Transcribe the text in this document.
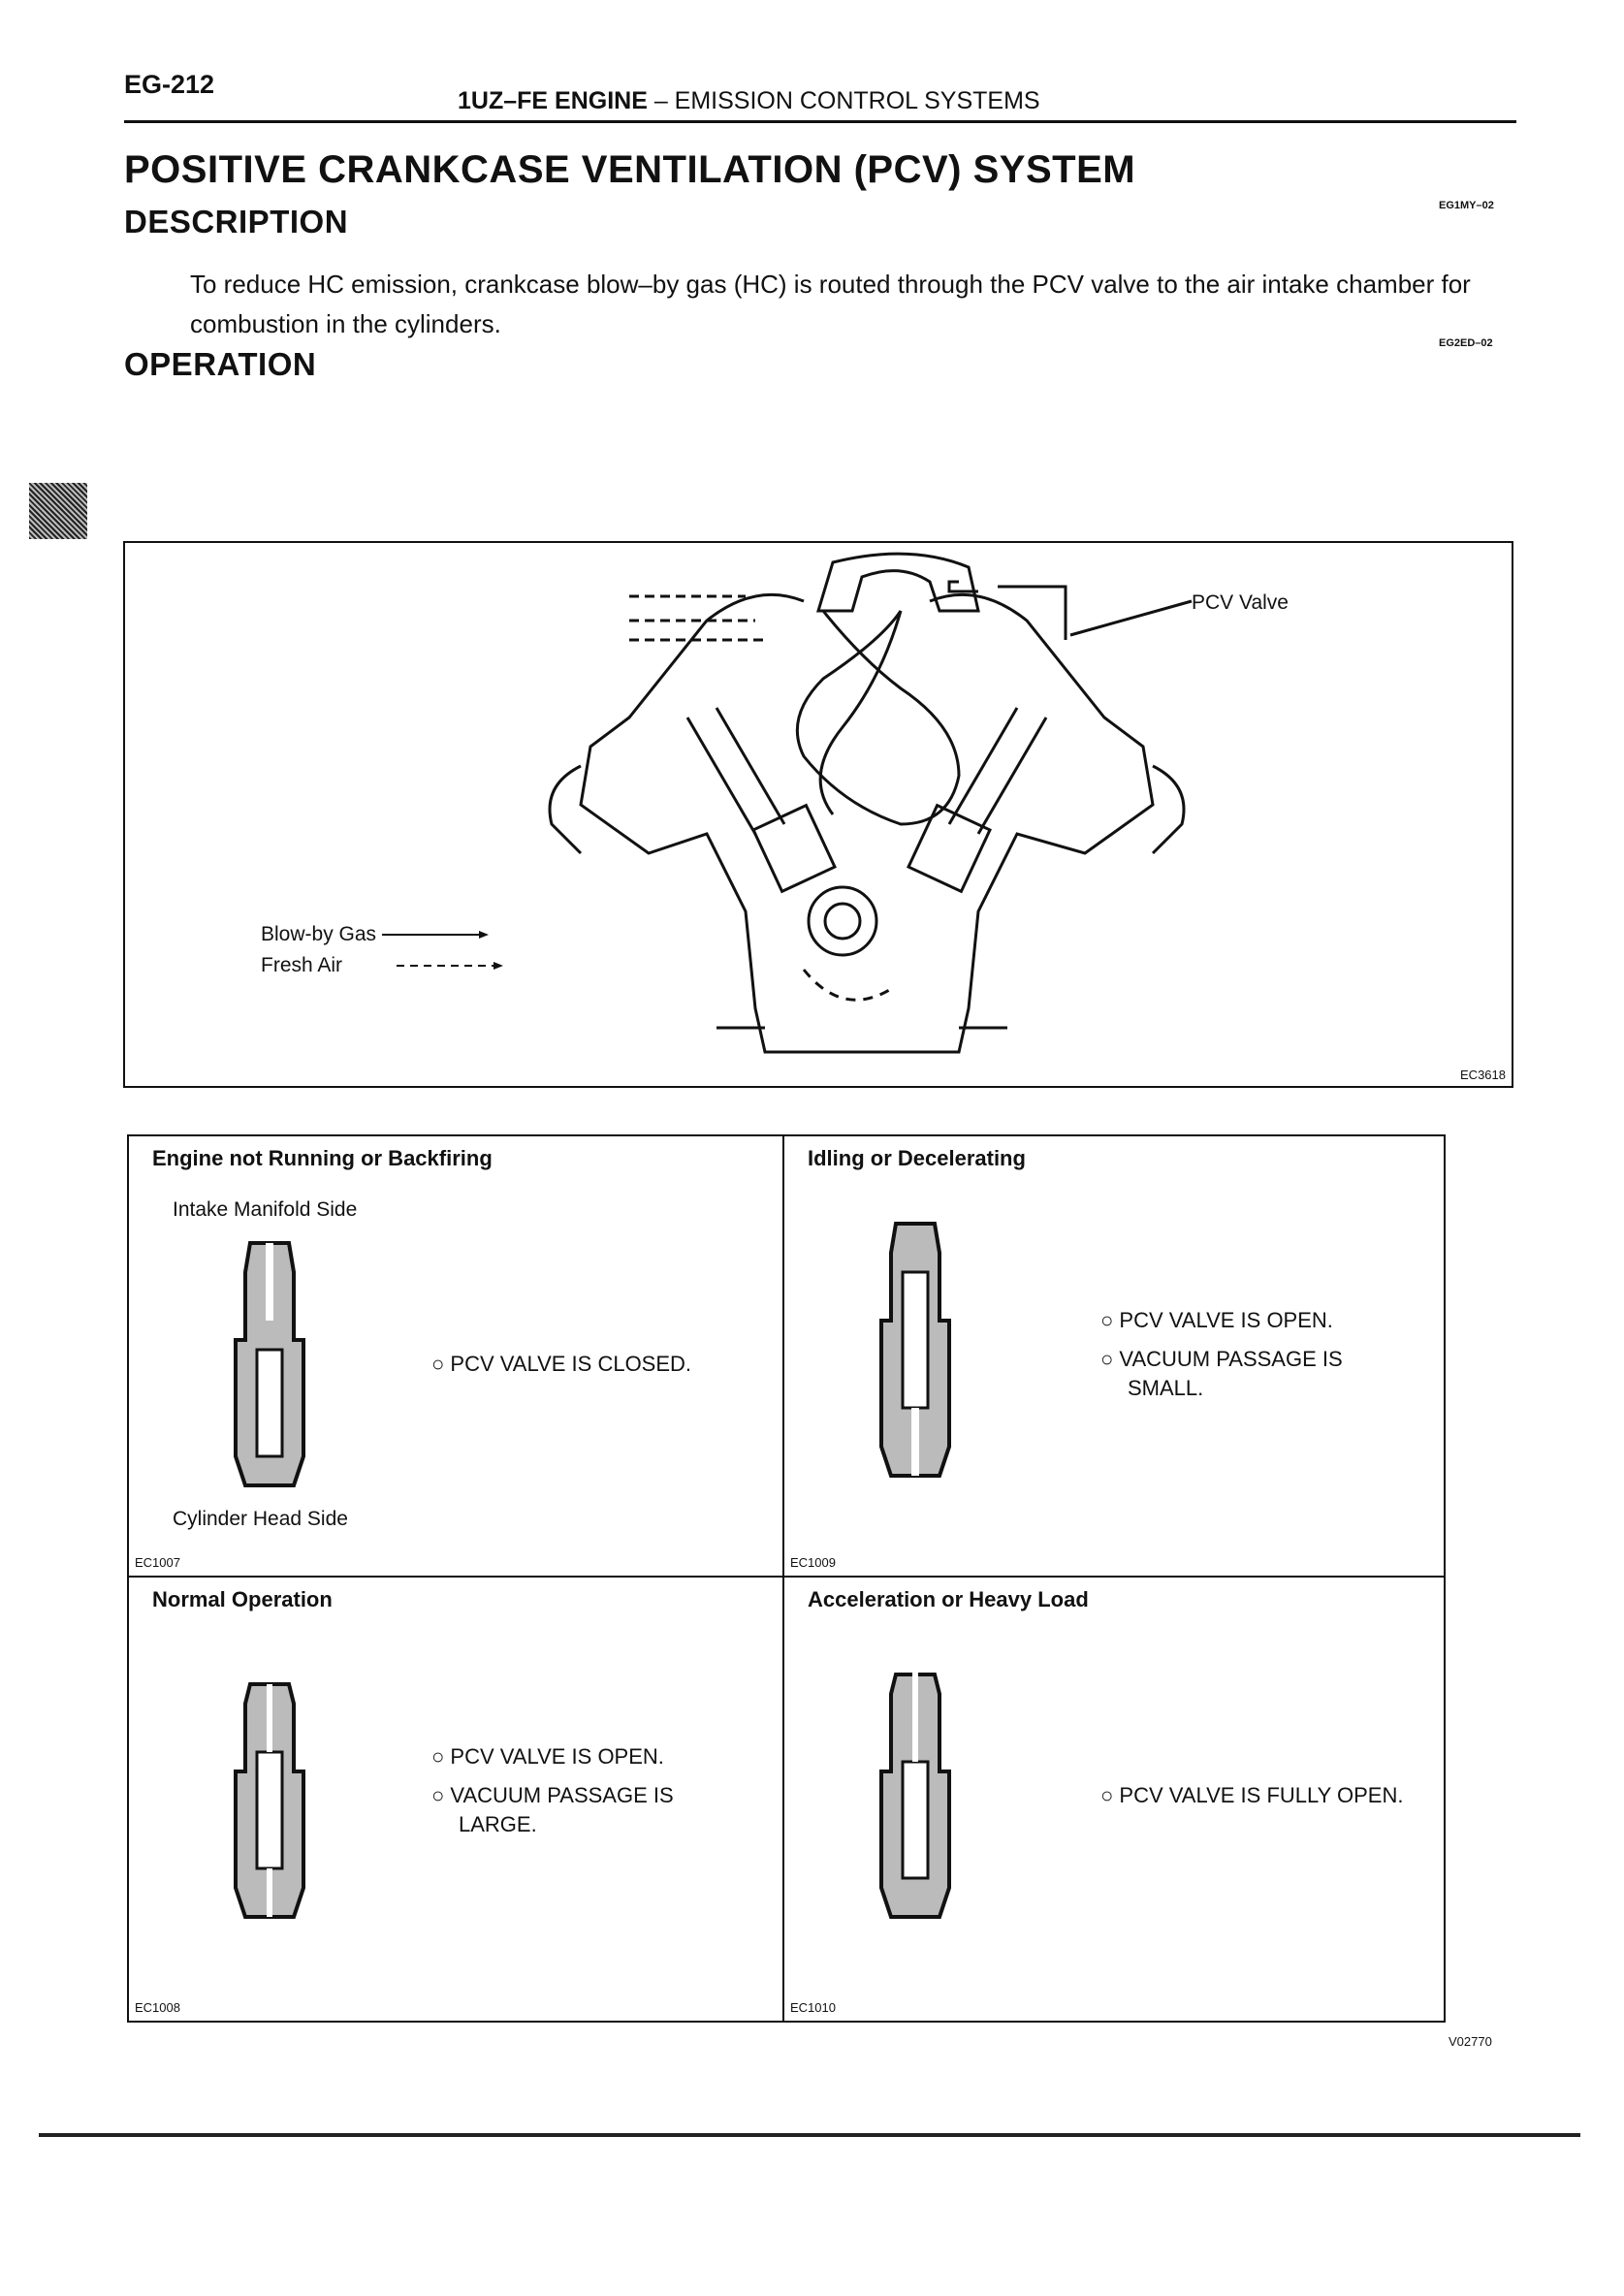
EG-212
1UZ–FE ENGINE – EMISSION CONTROL SYSTEMS
POSITIVE CRANKCASE VENTILATION (PCV) SYSTEM
EG1MY–02
DESCRIPTION
To reduce HC emission, crankcase blow–by gas (HC) is routed through the PCV valve to the air intake chamber for combustion in the cylinders.
EG2ED–02
OPERATION
PCV Valve
Blow-by Gas
Fresh Air
EC3618
Engine not Running or Backfiring
Intake Manifold Side
○ PCV VALVE IS CLOSED.
Cylinder Head Side
EC1007
Idling or Decelerating
○ PCV VALVE IS OPEN.
○ VACUUM PASSAGE IS SMALL.
EC1009
Normal Operation
○ PCV VALVE IS OPEN.
○ VACUUM PASSAGE IS LARGE.
EC1008
Acceleration or Heavy Load
○ PCV VALVE IS FULLY OPEN.
EC1010
V02770
